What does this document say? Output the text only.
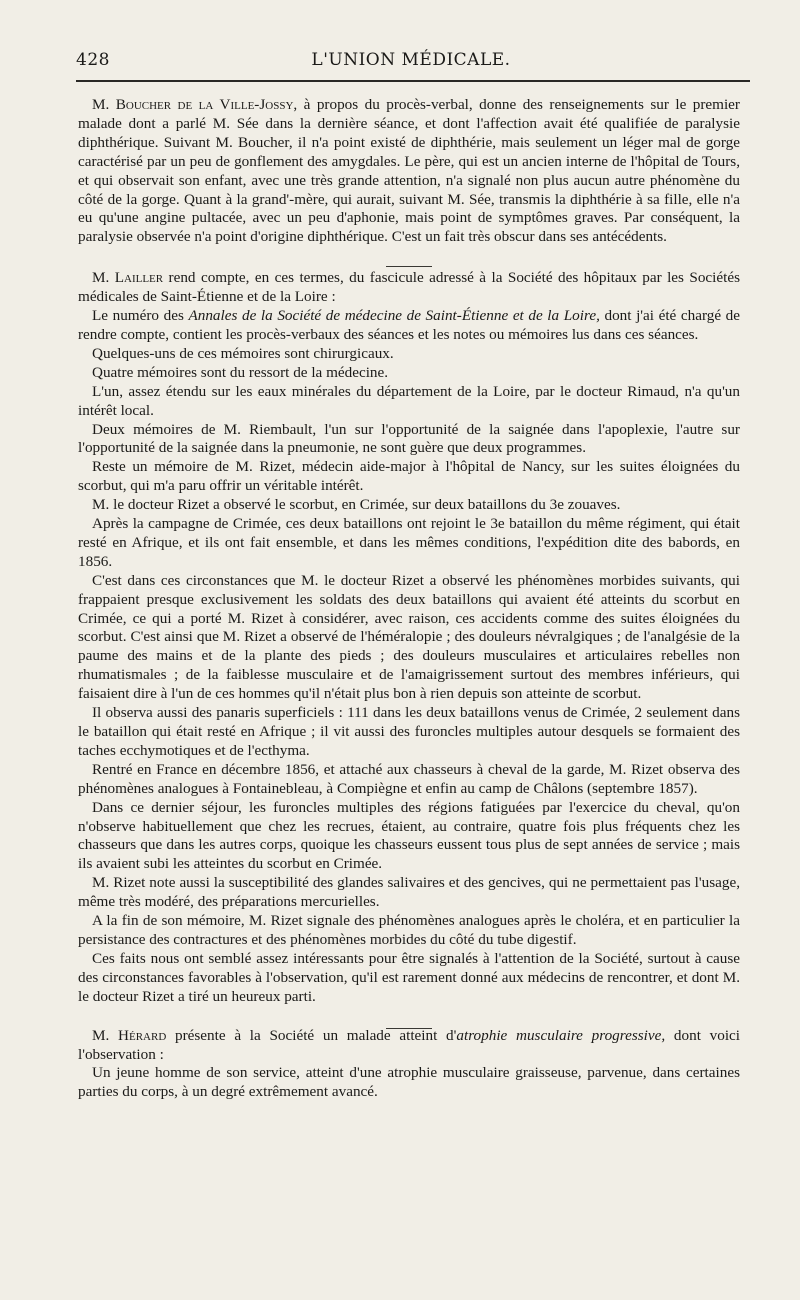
428	L'UNION MÉDICALE.

M. Boucher de la Ville-Jossy, à propos du procès-verbal, donne des renseignements sur le premier malade dont a parlé M. Sée dans la dernière séance, et dont l'affection avait été qualifiée de paralysie diphthérique. Suivant M. Boucher, il n'a point existé de diphthérie, mais seulement un léger mal de gorge caractérisé par un peu de gonflement des amygdales. Le père, qui est un ancien interne de l'hôpital de Tours, et qui observait son enfant, avec une très grande attention, n'a signalé non plus aucun autre phénomène du côté de la gorge. Quant à la grand'-mère, qui aurait, suivant M. Sée, transmis la diphthérie à sa fille, elle n'a eu qu'une angine pultacée, avec un peu d'aphonie, mais point de symptômes graves. Par conséquent, la paralysie observée n'a point d'origine diphthérique. C'est un fait très obscur dans ses antécédents.

M. Lailler rend compte, en ces termes, du fascicule adressé à la Société des hôpitaux par les Sociétés médicales de Saint-Étienne et de la Loire :

Le numéro des Annales de la Société de médecine de Saint-Étienne et de la Loire, dont j'ai été chargé de rendre compte, contient les procès-verbaux des séances et les notes ou mémoires lus dans ces séances.

Quelques-uns de ces mémoires sont chirurgicaux.

Quatre mémoires sont du ressort de la médecine.

L'un, assez étendu sur les eaux minérales du département de la Loire, par le docteur Rimaud, n'a qu'un intérêt local.

Deux mémoires de M. Riembault, l'un sur l'opportunité de la saignée dans l'apoplexie, l'autre sur l'opportunité de la saignée dans la pneumonie, ne sont guère que deux programmes.

Reste un mémoire de M. Rizet, médecin aide-major à l'hôpital de Nancy, sur les suites éloignées du scorbut, qui m'a paru offrir un véritable intérêt.

M. le docteur Rizet a observé le scorbut, en Crimée, sur deux bataillons du 3e zouaves.

Après la campagne de Crimée, ces deux bataillons ont rejoint le 3e bataillon du même régiment, qui était resté en Afrique, et ils ont fait ensemble, et dans les mêmes conditions, l'expédition dite des babords, en 1856.

C'est dans ces circonstances que M. le docteur Rizet a observé les phénomènes morbides suivants, qui frappaient presque exclusivement les soldats des deux bataillons qui avaient été atteints du scorbut en Crimée, ce qui a porté M. Rizet à considérer, avec raison, ces accidents comme des suites éloignées du scorbut. C'est ainsi que M. Rizet a observé de l'héméralopie ; des douleurs névralgiques ; de l'analgésie de la paume des mains et de la plante des pieds ; des douleurs musculaires et articulaires rebelles non rhumatismales ; de la faiblesse musculaire et de l'amaigrissement surtout des membres inférieurs, qui faisaient dire à l'un de ces hommes qu'il n'était plus bon à rien depuis son atteinte de scorbut.

Il observa aussi des panaris superficiels : 111 dans les deux bataillons venus de Crimée, 2 seulement dans le bataillon qui était resté en Afrique ; il vit aussi des furoncles multiples autour desquels se formaient des taches ecchymotiques et de l'ecthyma.

Rentré en France en décembre 1856, et attaché aux chasseurs à cheval de la garde, M. Rizet observa des phénomènes analogues à Fontainebleau, à Compiègne et enfin au camp de Châlons (septembre 1857).

Dans ce dernier séjour, les furoncles multiples des régions fatiguées par l'exercice du cheval, qu'on n'observe habituellement que chez les recrues, étaient, au contraire, quatre fois plus fréquents chez les chasseurs que dans les autres corps, quoique les chasseurs eussent tous plus de sept années de service ; mais ils avaient subi les atteintes du scorbut en Crimée.

M. Rizet note aussi la susceptibilité des glandes salivaires et des gencives, qui ne permettaient pas l'usage, même très modéré, des préparations mercurielles.

A la fin de son mémoire, M. Rizet signale des phénomènes analogues après le choléra, et en particulier la persistance des contractures et des phénomènes morbides du côté du tube digestif.

Ces faits nous ont semblé assez intéressants pour être signalés à l'attention de la Société, surtout à cause des circonstances favorables à l'observation, qu'il est rarement donné aux médecins de rencontrer, et dont M. le docteur Rizet a tiré un heureux parti.

M. Hérard présente à la Société un malade atteint d'atrophie musculaire progressive, dont voici l'observation :

Un jeune homme de son service, atteint d'une atrophie musculaire graisseuse, parvenue, dans certaines parties du corps, à un degré extrêmement avancé.
